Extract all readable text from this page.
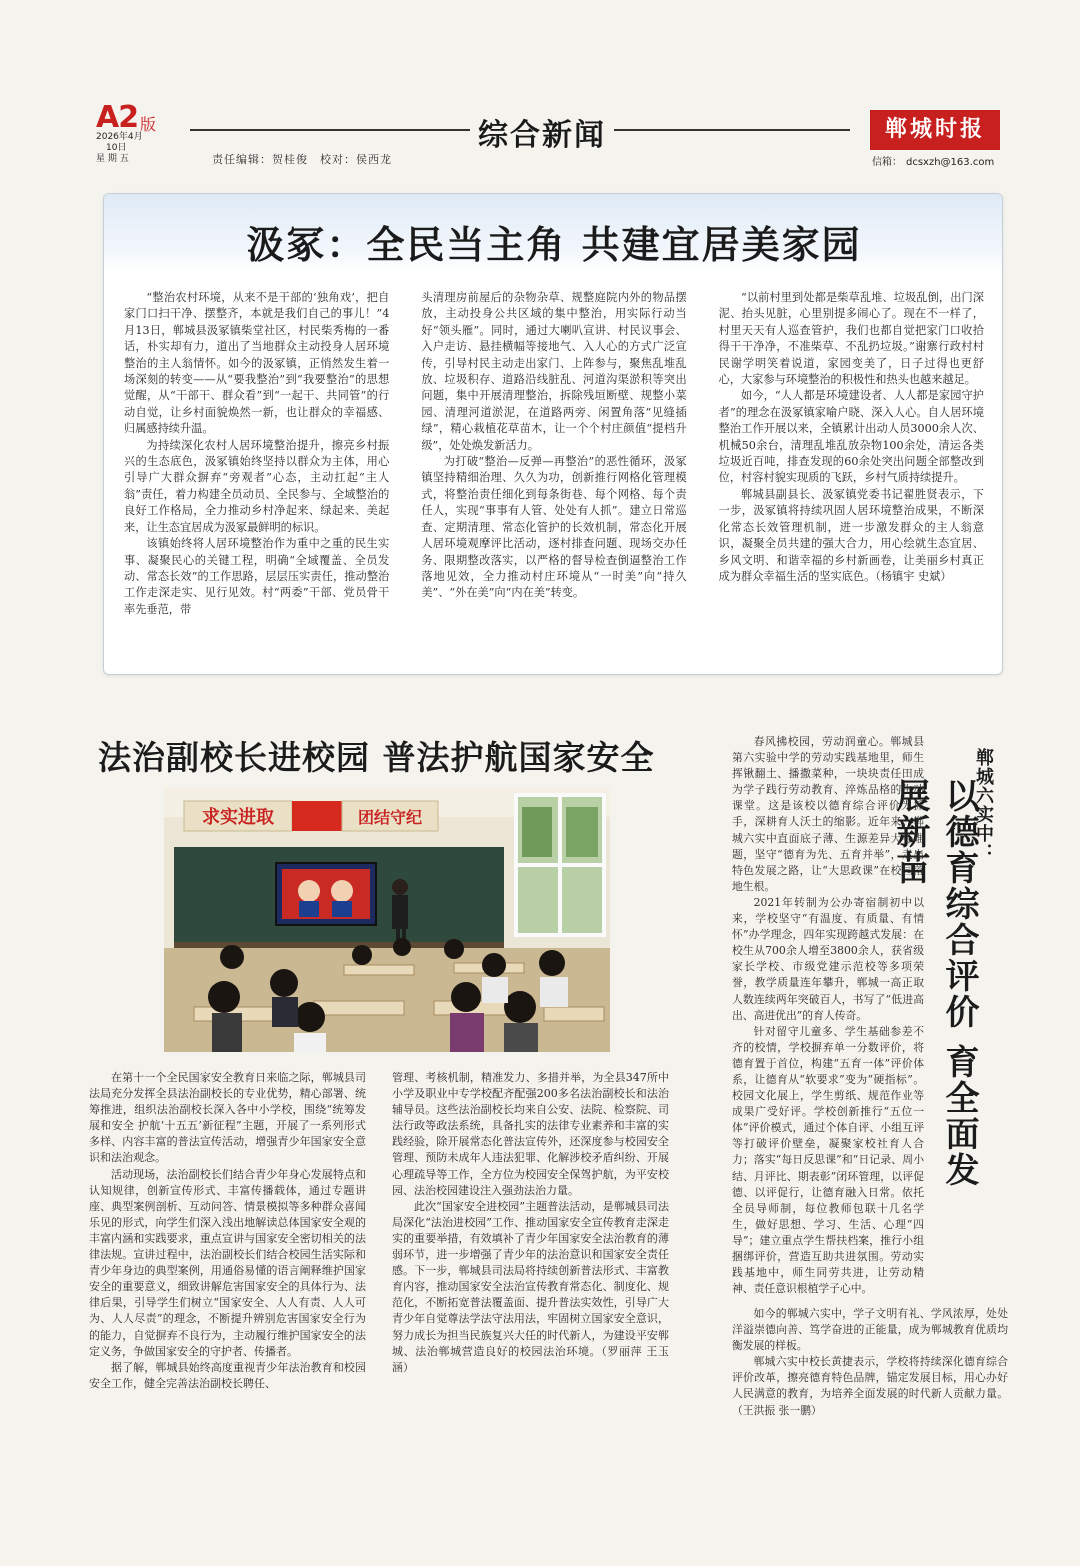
A2 版
2026年4月
10日
星 期 五
综合新闻
责任编辑：贺桂俊　校对：侯西龙
郸城时报
信箱： dcsxzh@163.com
汲冢：全民当主角 共建宜居美家园

“整治农村环境，从来不是干部的‘独角戏’，把自家门口扫干净、摆整齐，本就是我们自己的事儿！”4月13日，郸城县汲冢镇柴堂社区，村民柴秀梅的一番话，朴实却有力，道出了当地群众主动投身人居环境整治的主人翁情怀。如今的汲冢镇，正悄然发生着一场深刻的转变——从“要我整治”到“我要整治”的思想觉醒，从“干部干、群众看”到“一起干、共同管”的行动自觉，让乡村面貌焕然一新，也让群众的幸福感、归属感持续升温。

为持续深化农村人居环境整治提升，擦亮乡村振兴的生态底色，汲冢镇始终坚持以群众为主体，用心引导广大群众摒弃“旁观者”心态，主动扛起“主人翁”责任，着力构建全员动员、全民参与、全域整治的良好工作格局，全力推动乡村净起来、绿起来、美起来，让生态宜居成为汲冢最鲜明的标识。

该镇始终将人居环境整治作为重中之重的民生实事、凝聚民心的关键工程，明确“全域覆盖、全员发动、常态长效”的工作思路，层层压实责任，推动整治工作走深走实、见行见效。村“两委”干部、党员骨干率先垂范，带

头清理房前屋后的杂物杂草、规整庭院内外的物品摆放，主动投身公共区域的集中整治，用实际行动当好“领头雁”。同时，通过大喇叭宣讲、村民议事会、入户走访、悬挂横幅等接地气、入人心的方式广泛宣传，引导村民主动走出家门、上阵参与，聚焦乱堆乱放、垃圾积存、道路沿线脏乱、河道沟渠淤积等突出问题，集中开展清理整治，拆除残垣断壁、规整小菜园、清理河道淤泥，在道路两旁、闲置角落“见缝插绿”，精心栽植花草苗木，让一个个村庄颜值“提档升级”，处处焕发新活力。

为打破“整治—反弹—再整治”的恶性循环，汲冢镇坚持精细治理、久久为功，创新推行网格化管理模式，将整治责任细化到每条街巷、每个网格、每个责任人，实现“事事有人管、处处有人抓”。建立日常巡查、定期清理、常态化管护的长效机制，常态化开展人居环境观摩评比活动，逐村排查问题、现场交办任务、限期整改落实，以严格的督导检查倒逼整治工作落地见效，全力推动村庄环境从“一时美”向“持久美”、“外在美”向“内在美”转变。

“以前村里到处都是柴草乱堆、垃圾乱倒，出门深泥、抬头见脏，心里别提多闹心了。现在不一样了，村里天天有人巡查管护，我们也都自觉把家门口收拾得干干净净，不准柴草、不乱扔垃圾。”谢寨行政村村民谢学明笑着说道，家园变美了，日子过得也更舒心，大家参与环境整治的积极性和热头也越来越足。

如今，“人人都是环境建设者、人人都是家园守护者”的理念在汲冢镇家喻户晓、深入人心。自人居环境整治工作开展以来，全镇累计出动人员3000余人次、机械50余台，清理乱堆乱放杂物100余处，清运各类垃圾近百吨，排查发现的60余处突出问题全部整改到位，村容村貌实现质的飞跃，乡村气质持续提升。

郸城县副县长、汲冢镇党委书记翟胜贤表示，下一步，汲冢镇将持续巩固人居环境整治成果，不断深化常态长效管理机制，进一步激发群众的主人翁意识，凝聚全员共建的强大合力，用心绘就生态宜居、乡风文明、和谐幸福的乡村新画卷，让美丽乡村真正成为群众幸福生活的坚实底色。（杨镇宇 史斌）

法治副校长进校园 普法护航国家安全
求实进取	团结守纪

在第十一个全民国家安全教育日来临之际，郸城县司法局充分发挥全县法治副校长的专业优势，精心部署、统筹推进，组织法治副校长深入各中小学校，围绕“统筹发展和安全 护航‘十五五’新征程”主题，开展了一系列形式多样、内容丰富的普法宣传活动，增强青少年国家安全意识和法治观念。

活动现场，法治副校长们结合青少年身心发展特点和认知规律，创新宣传形式、丰富传播载体，通过专题讲座、典型案例剖析、互动问答、情景模拟等多种群众喜闻乐见的形式，向学生们深入浅出地解读总体国家安全观的丰富内涵和实践要求，重点宣讲与国家安全密切相关的法律法规。宣讲过程中，法治副校长们结合校园生活实际和青少年身边的典型案例，用通俗易懂的语言阐释维护国家安全的重要意义，细致讲解危害国家安全的具体行为、法律后果，引导学生们树立“国家安全、人人有责、人人可为、人人尽责”的理念，不断提升辨别危害国家安全行为的能力，自觉摒弃不良行为，主动履行维护国家安全的法定义务，争做国家安全的守护者、传播者。

据了解，郸城县始终高度重视青少年法治教育和校园安全工作，健全完善法治副校长聘任、

管理、考核机制，精准发力、多措并举，为全县347所中小学及职业中专学校配齐配强200多名法治副校长和法治辅导员。这些法治副校长均来自公安、法院、检察院、司法行政等政法系统，具备扎实的法律专业素养和丰富的实践经验，除开展常态化普法宣传外，还深度参与校园安全管理、预防未成年人违法犯罪、化解涉校矛盾纠纷、开展心理疏导等工作，全方位为校园安全保驾护航，为平安校园、法治校园建设注入强劲法治力量。

此次“国家安全进校园”主题普法活动，是郸城县司法局深化“法治进校园”工作、推动国家安全宣传教育走深走实的重要举措，有效填补了青少年国家安全法治教育的薄弱环节，进一步增强了青少年的法治意识和国家安全责任感。下一步，郸城县司法局将持续创新普法形式、丰富教育内容，推动国家安全法治宣传教育常态化、制度化、规范化，不断拓宽普法覆盖面、提升普法实效性，引导广大青少年自觉尊法学法守法用法，牢固树立国家安全意识，努力成长为担当民族复兴大任的时代新人，为建设平安郸城、法治郸城营造良好的校园法治环境。（罗丽萍 王玉涵）

郸城六实中：
以德育综合评价 育全面发展新苗

春风拂校园，劳动润童心。郸城县第六实验中学的劳动实践基地里，师生挥锹翻土、播撒菜种，一块块责任田成为学子践行劳动教育、淬炼品格的生动课堂。这是该校以德育综合评价为抓手，深耕育人沃土的缩影。近年来，郸城六实中直面底子薄、生源差异大等难题，坚守“德育为先、五育并举”，走出特色发展之路，让“大思政课”在校园落地生根。

2021年转制为公办寄宿制初中以来，学校坚守“有温度、有质量、有情怀”办学理念，四年实现跨越式发展：在校生从700余人增至3800余人，获省级家长学校、市级党建示范校等多项荣誉，教学质量连年攀升，郸城一高正取人数连续两年突破百人，书写了“低进高出、高进优出”的育人传奇。

针对留守儿童多、学生基础参差不齐的校情，学校摒弃单一分数评价，将德育置于首位，构建“五育一体”评价体系，让德育从“软要求”变为“硬指标”。校园文化展上，学生剪纸、规范作业等成果广受好评。学校创新推行“五位一体”评价模式，通过个体自评、小组互评等打破评价壁垒，凝聚家校社育人合力；落实“每日反思课”和“日记录、周小结、月评比、期表彰”闭环管理，以评促德、以评促行，让德育融入日常。依托全员导师制，每位教师包联十几名学生，做好思想、学习、生活、心理“四导”；建立重点学生帮扶档案，推行小组捆绑评价，营造互助共进氛围。劳动实践基地中，师生同劳共进，让劳动精神、责任意识根植学子心中。

如今的郸城六实中，学子文明有礼、学风浓厚，处处洋溢崇德向善、笃学奋进的正能量，成为郸城教育优质均衡发展的样板。

郸城六实中校长黄捷表示，学校将持续深化德育综合评价改革，擦亮德育特色品牌，锚定发展目标，用心办好人民满意的教育，为培养全面发展的时代新人贡献力量。（王洪振 张一鹏）
